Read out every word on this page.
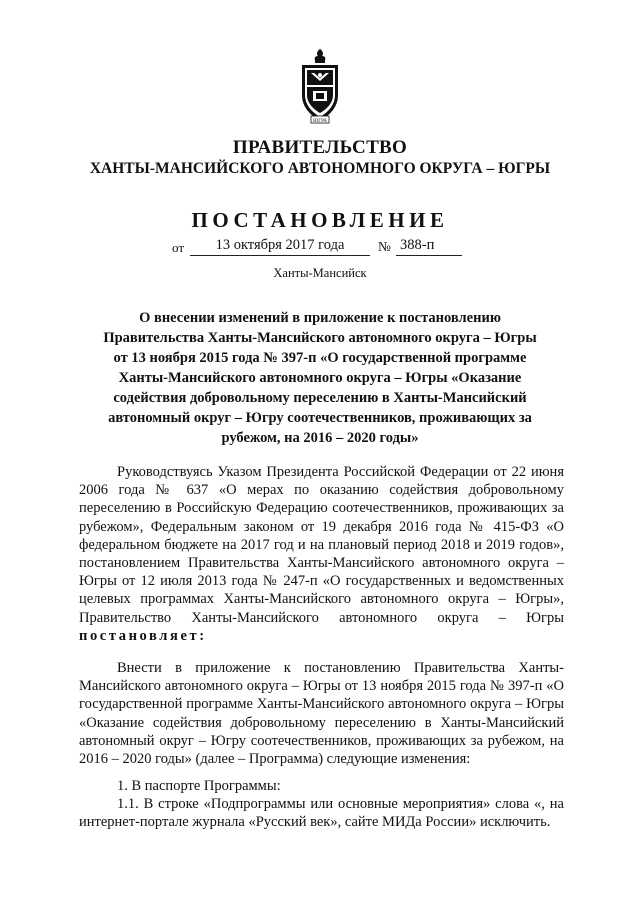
ЮГРА
ПРАВИТЕЛЬСТВО
ХАНТЫ-МАНСИЙСКОГО АВТОНОМНОГО ОКРУГА – ЮГРЫ
ПОСТАНОВЛЕНИЕ
от	13 октября 2017 года	№ 388-п
Ханты-Мансийск
О внесении изменений в приложение к постановлению Правительства Ханты-Мансийского автономного округа – Югры от 13 ноября 2015 года № 397-п «О государственной программе Ханты-Мансийского автономного округа – Югры «Оказание содействия добровольному переселению в Ханты-Мансийский автономный округ – Югру соотечественников, проживающих за рубежом, на 2016 – 2020 годы»
Руководствуясь Указом Президента Российской Федерации от 22 июня 2006 года № 637 «О мерах по оказанию содействия добровольному переселению в Российскую Федерацию соотечественников, проживающих за рубежом», Федеральным законом от 19 декабря 2016 года № 415-ФЗ «О федеральном бюджете на 2017 год и на плановый период 2018 и 2019 годов», постановлением Правительства Ханты-Мансийского автономного округа – Югры от 12 июля 2013 года № 247-п «О государственных и ведомственных целевых программах Ханты-Мансийского автономного округа – Югры», Правительство Ханты-Мансийского автономного округа – Югры постановляет:
Внести в приложение к постановлению Правительства Ханты-Мансийского автономного округа – Югры от 13 ноября 2015 года № 397-п «О государственной программе Ханты-Мансийского автономного округа – Югры «Оказание содействия добровольному переселению в Ханты-Мансийский автономный округ – Югру соотечественников, проживающих за рубежом, на 2016 – 2020 годы» (далее – Программа) следующие изменения:
1. В паспорте Программы:
1.1. В строке «Подпрограммы или основные мероприятия» слова «, на интернет-портале журнала «Русский век», сайте МИДа России» исключить.
